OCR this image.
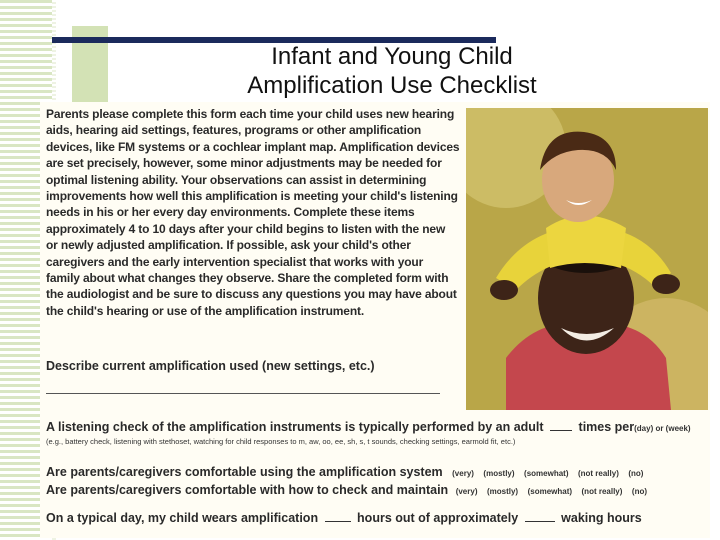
Infant and Young Child
Amplification Use Checklist
Parents please complete this form each time your child uses new hearing aids, hearing aid settings, features, programs or other amplification devices, like FM systems or a cochlear implant map. Amplification devices are set precisely, however, some minor adjustments may be needed for optimal listening ability. Your observations can assist in determining improvements how well this amplification is meeting your child's listening needs in his or her every day environments. Complete these items approximately 4 to 10 days after your child begins to listen with the new or newly adjusted amplification. If possible, ask your child's other caregivers and the early intervention specialist that works with your family about what changes they observe. Share the completed form with the audiologist and be sure to discuss any questions you may have about the child's hearing or use of the amplification instrument.
Describe current amplification used (new settings, etc.)
A listening check of the amplification instruments is typically performed by an adult	times per(day) or (week)
(e.g., battery check, listening with stethoset, watching for child responses to m, aw, oo, ee, sh, s, t sounds, checking settings, earmold fit, etc.)
Are parents/caregivers comfortable using the amplification system (very) (mostly) (somewhat) (not really) (no)
Are parents/caregivers comfortable with how to check and maintain (very) (mostly) (somewhat) (not really) (no)
On a typical day, my child wears amplification	hours out of approximately	waking hours
